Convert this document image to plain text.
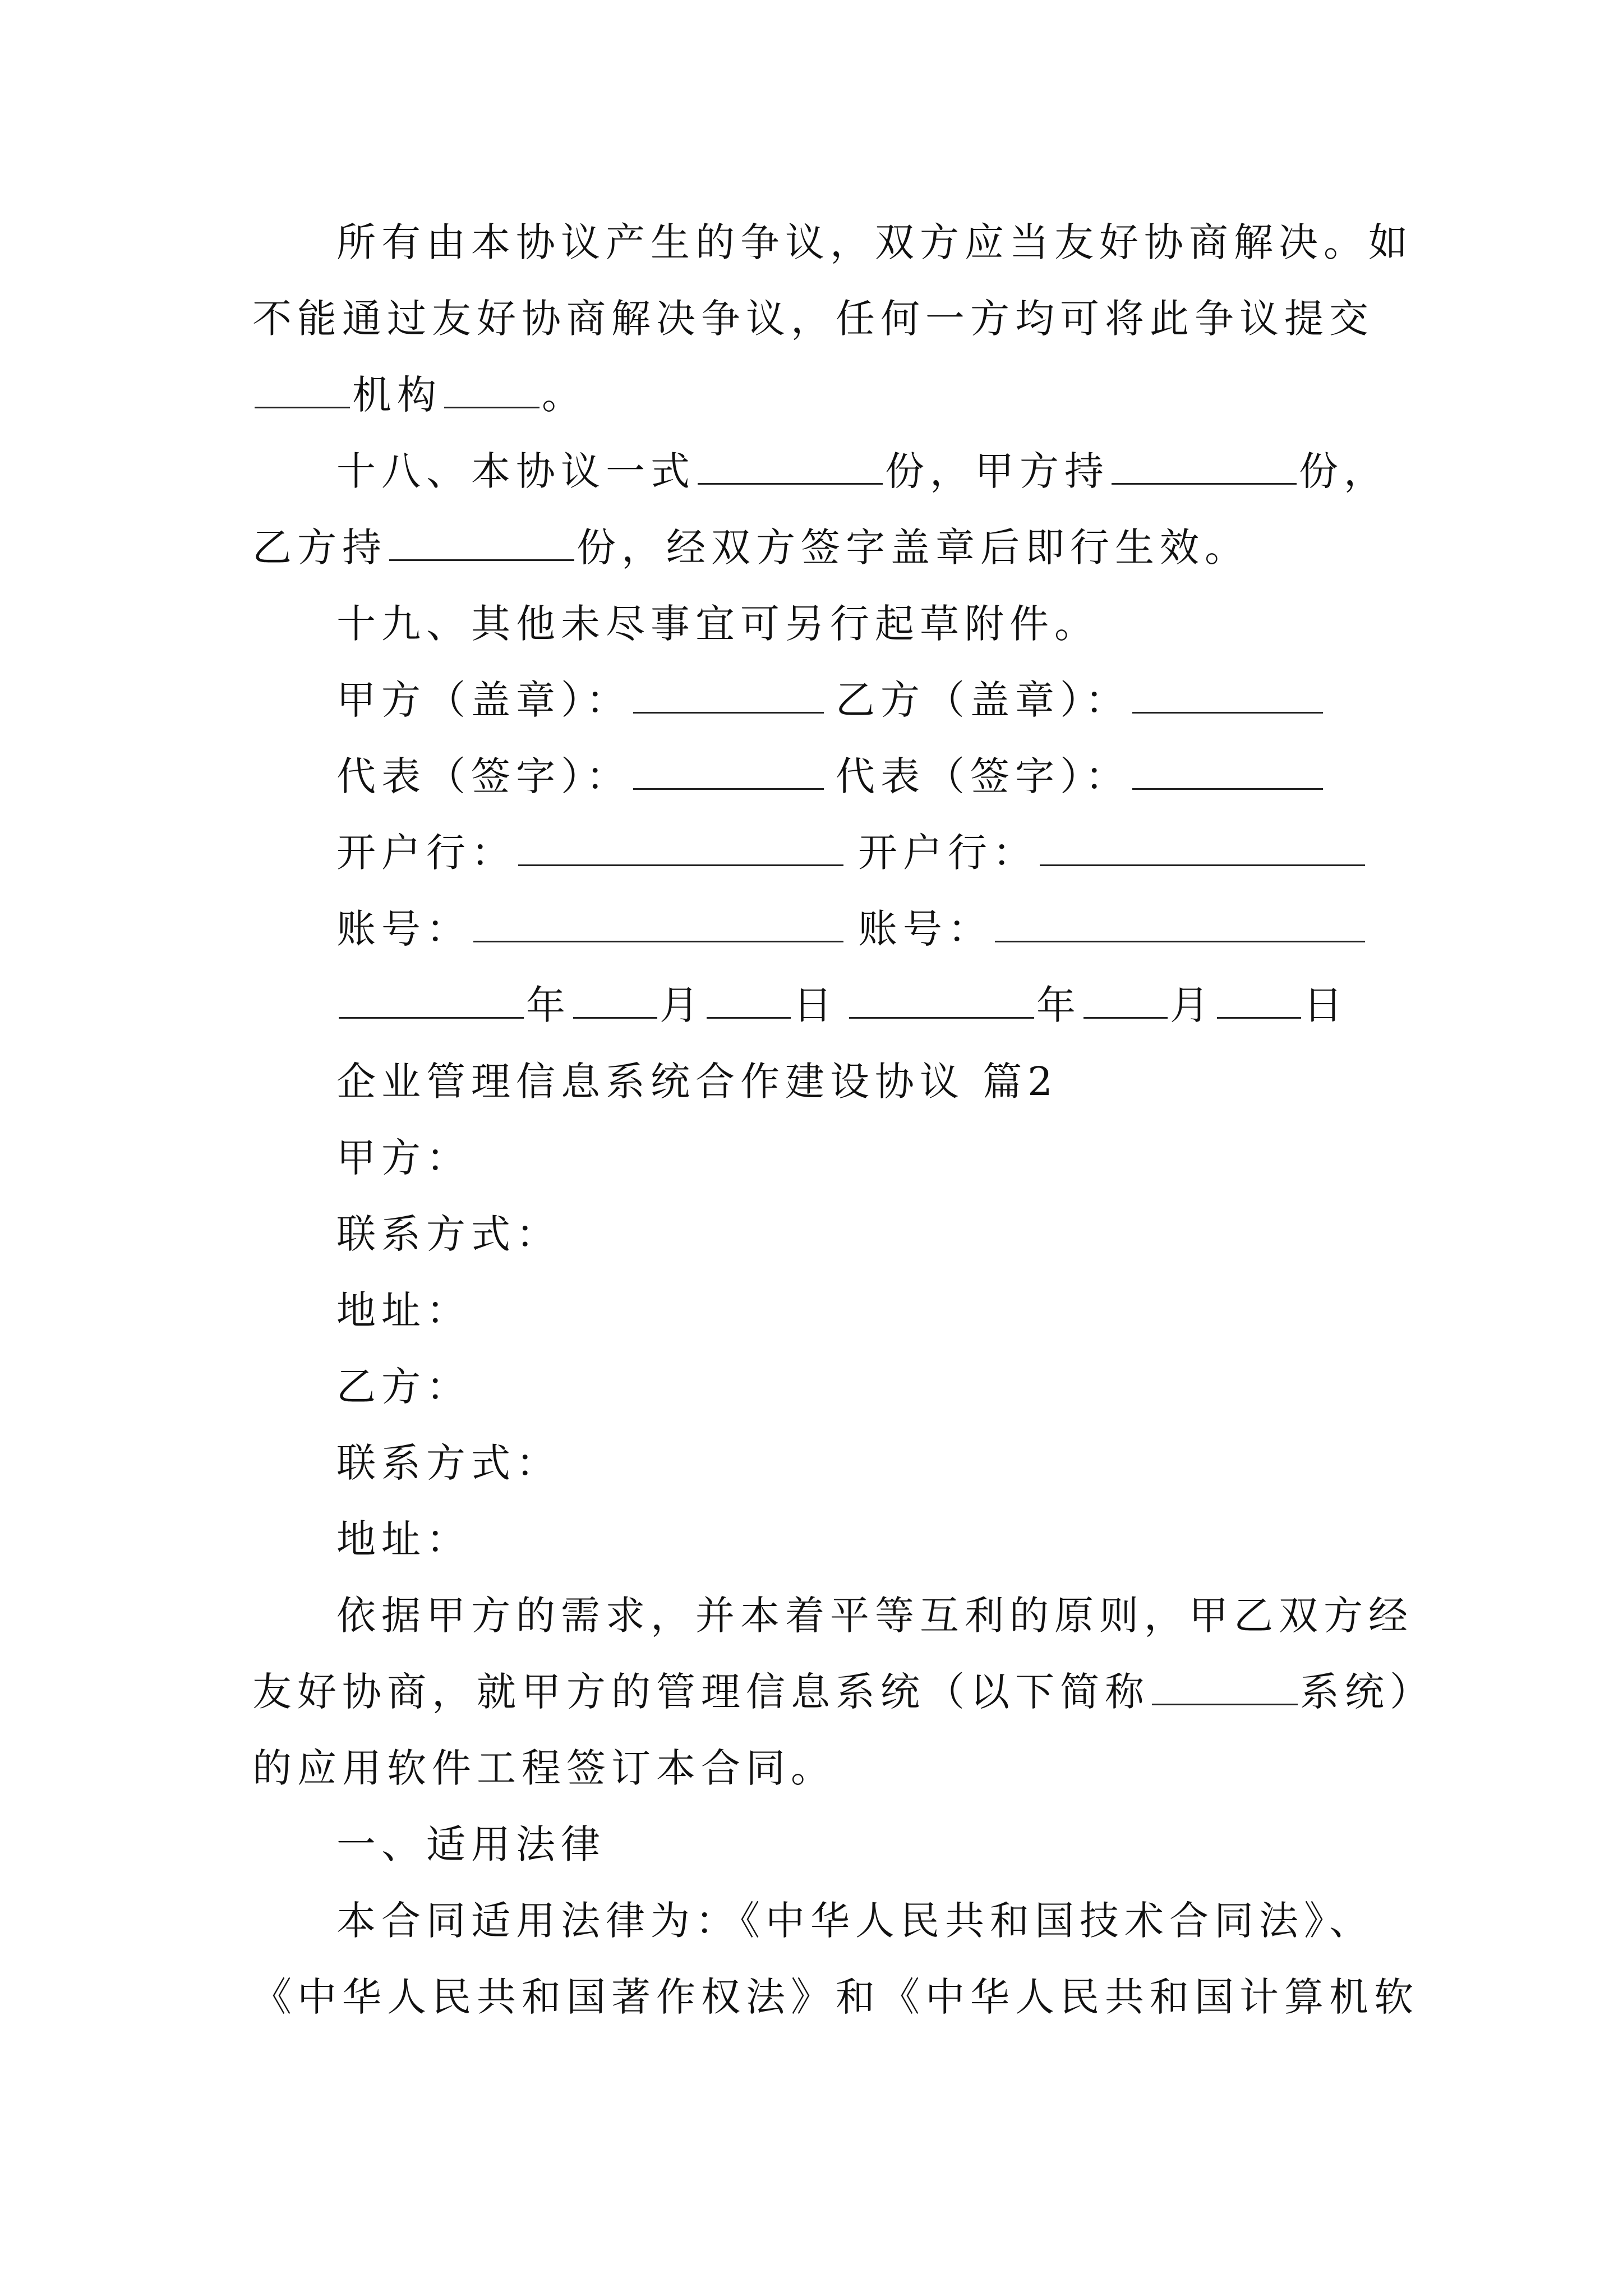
所有由本协议产生的争议，双方应当友好协商解决。如
不能通过友好协商解决争议，任何一方均可将此争议提交
机构	。
十八、本协议一式	份，甲方持	份，
乙方持	份，经双方签字盖章后即行生效。
十九、其他未尽事宜可另行起草附件。
甲方（盖章）：	乙方（盖章）：
代表（签字）：	代表（签字）：
开户行：	开户行：
账号：	账号：
年 月 日	年 月 日
企业管理信息系统合作建设协议 篇2
甲方：
联系方式：
地址：
乙方：
联系方式：
地址：
依据甲方的需求，并本着平等互利的原则，甲乙双方经
友好协商，就甲方的管理信息系统（以下简称	系统）
的应用软件工程签订本合同。
一、适用法律
本合同适用法律为：《中华人民共和国技术合同法》、
《中华人民共和国著作权法》和《中华人民共和国计算机软
